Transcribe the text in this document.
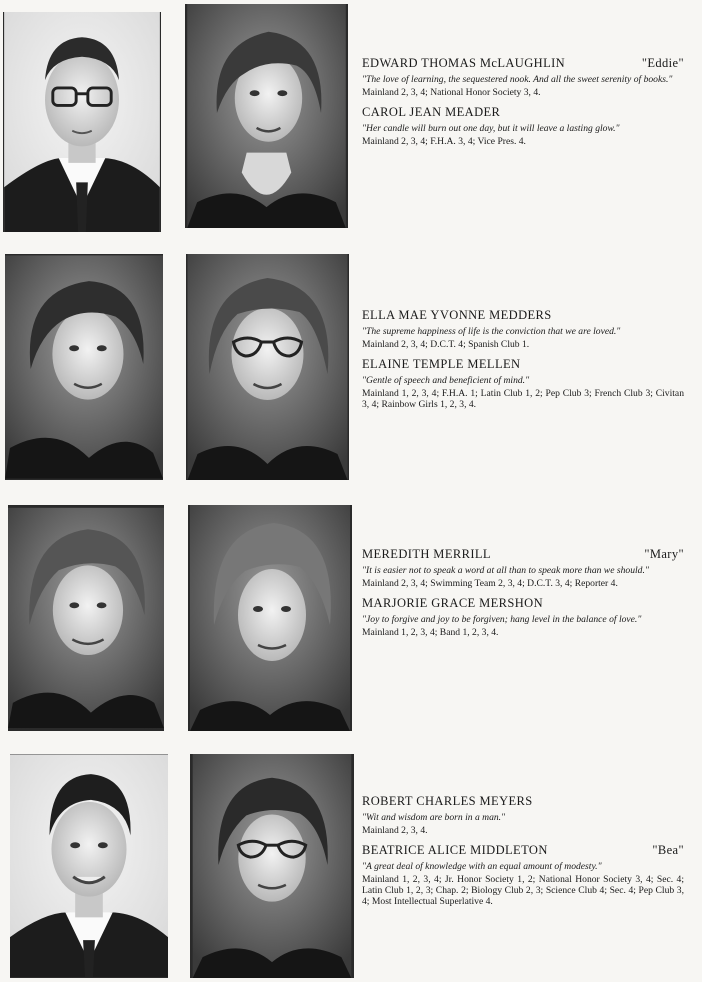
EDWARD THOMAS McLAUGHLIN	"Eddie"
"The love of learning, the sequestered nook. And all the sweet serenity of books."
Mainland 2, 3, 4; National Honor Society 3, 4.
CAROL JEAN MEADER
"Her candle will burn out one day, but it will leave a lasting glow."
Mainland 2, 3, 4; F.H.A. 3, 4; Vice Pres. 4.
ELLA MAE YVONNE MEDDERS
"The supreme happiness of life is the conviction that we are loved."
Mainland 2, 3, 4; D.C.T. 4; Spanish Club 1.
ELAINE TEMPLE MELLEN
"Gentle of speech and beneficient of mind."
Mainland 1, 2, 3, 4; F.H.A. 1; Latin Club 1, 2; Pep Club 3; French Club 3; Civitan 3, 4; Rainbow Girls 1, 2, 3, 4.
MEREDITH MERRILL	"Mary"
"It is easier not to speak a word at all than to speak more than we should."
Mainland 2, 3, 4; Swimming Team 2, 3, 4; D.C.T. 3, 4; Reporter 4.
MARJORIE GRACE MERSHON
"Joy to forgive and joy to be forgiven; hang level in the balance of love."
Mainland 1, 2, 3, 4; Band 1, 2, 3, 4.
ROBERT CHARLES MEYERS
"Wit and wisdom are born in a man."
Mainland 2, 3, 4.
BEATRICE ALICE MIDDLETON	"Bea"
"A great deal of knowledge with an equal amount of modesty."
Mainland 1, 2, 3, 4; Jr. Honor Society 1, 2; National Honor Society 3, 4; Sec. 4; Latin Club 1, 2, 3; Chap. 2; Biology Club 2, 3; Science Club 4; Sec. 4; Pep Club 3, 4; Most Intellectual Superlative 4.
